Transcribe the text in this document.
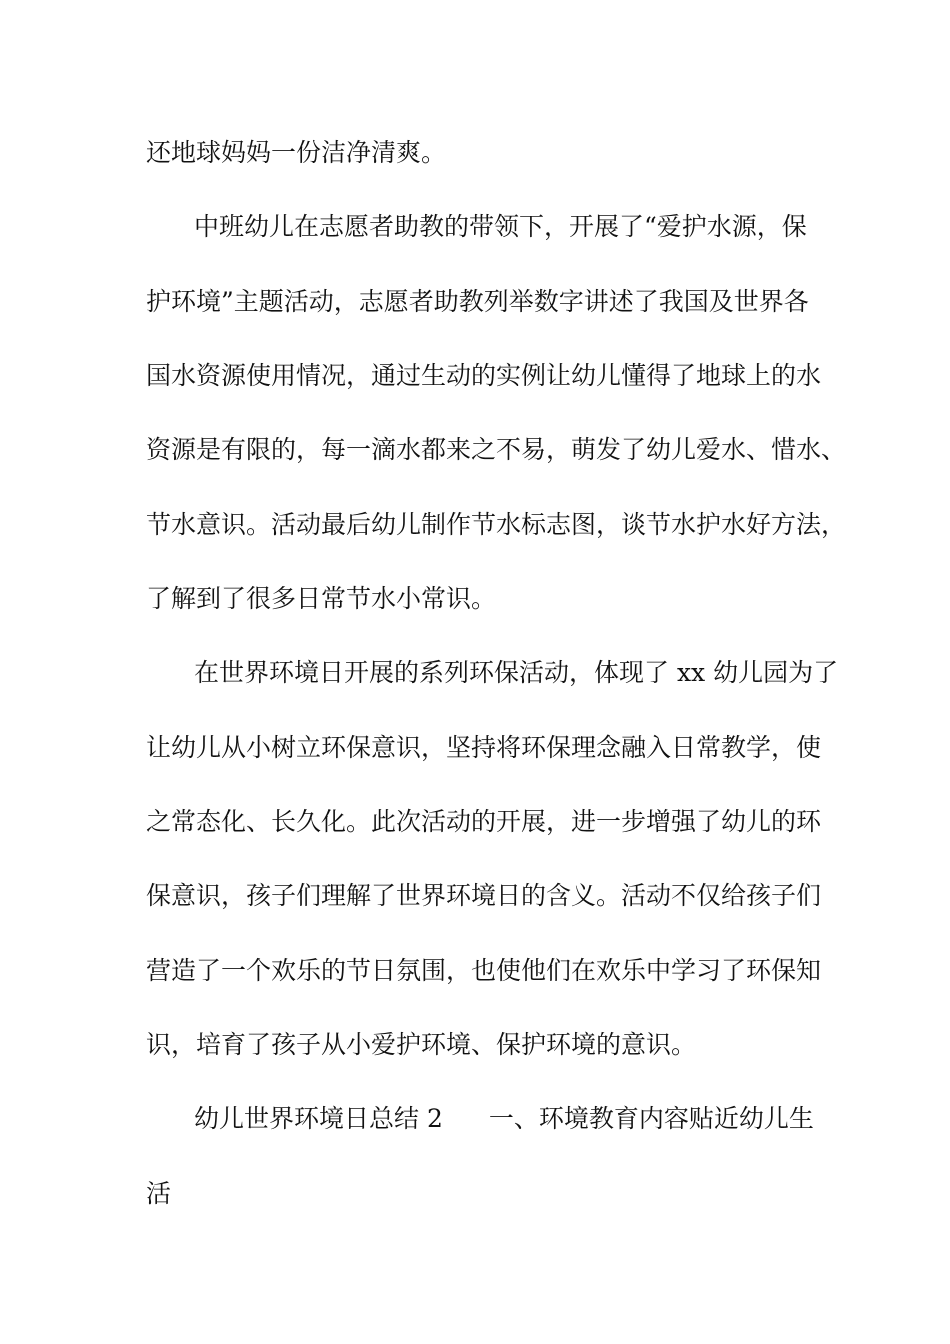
还地球妈妈一份洁净清爽。
中班幼儿在志愿者助教的带领下，开展了“爱护水源，保
护环境”主题活动，志愿者助教列举数字讲述了我国及世界各
国水资源使用情况，通过生动的实例让幼儿懂得了地球上的水
资源是有限的，每一滴水都来之不易，萌发了幼儿爱水、惜水、
节水意识。活动最后幼儿制作节水标志图，谈节水护水好方法，
了解到了很多日常节水小常识。
在世界环境日开展的系列环保活动，体现了 xx 幼儿园为了
让幼儿从小树立环保意识，坚持将环保理念融入日常教学，使
之常态化、长久化。此次活动的开展，进一步增强了幼儿的环
保意识，孩子们理解了世界环境日的含义。活动不仅给孩子们
营造了一个欢乐的节日氛围，也使他们在欢乐中学习了环保知
识，培育了孩子从小爱护环境、保护环境的意识。
幼儿世界环境日总结 2 一、环境教育内容贴近幼儿生
活
